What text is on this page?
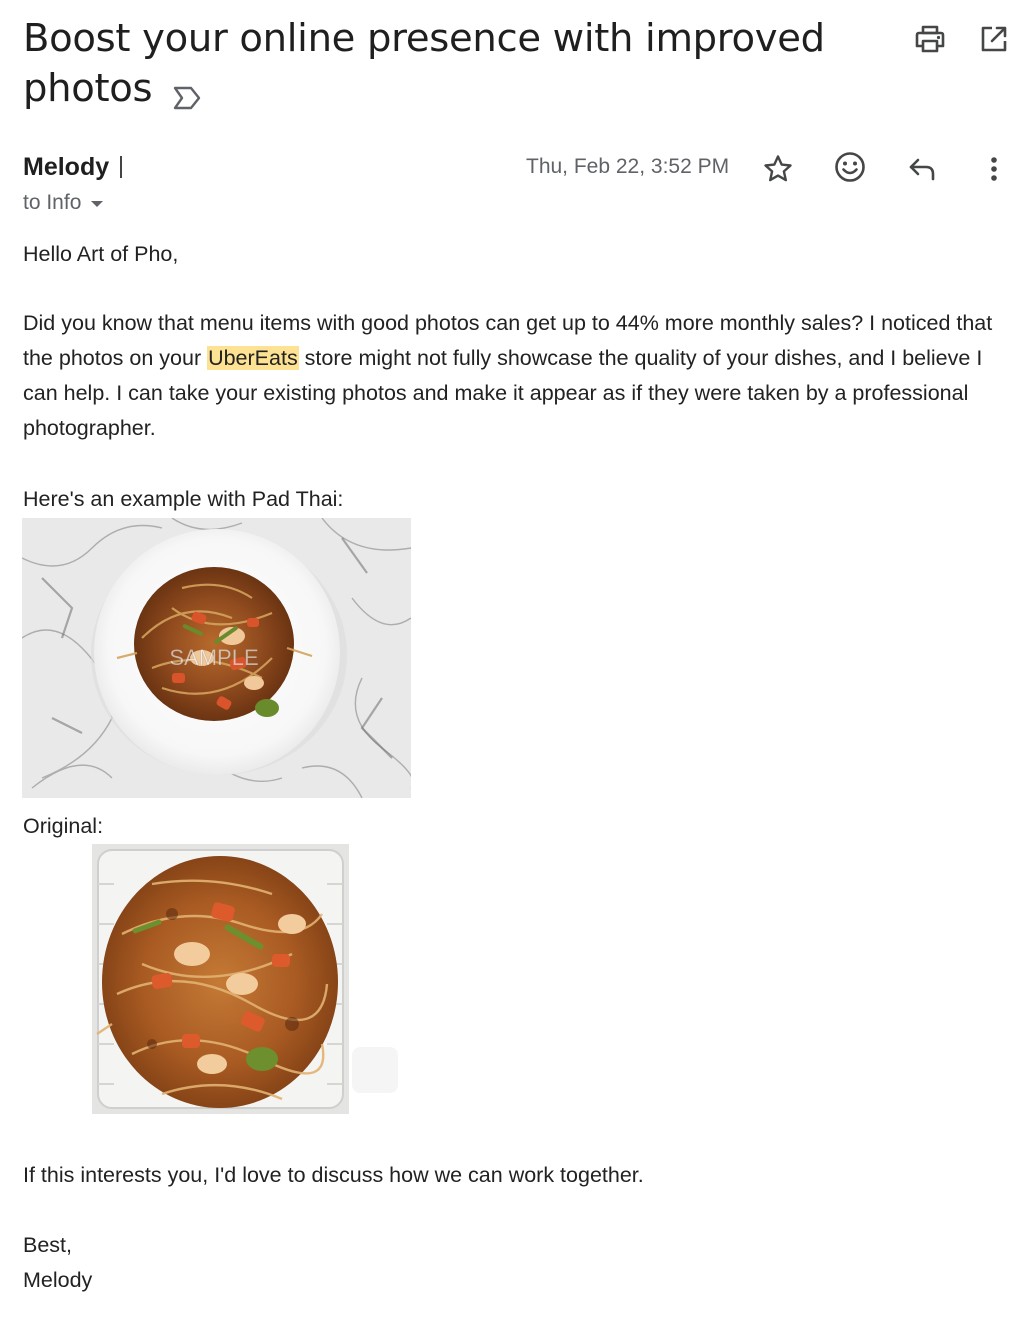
Boost your online presence with improved photos
Melody
to Info
Thu, Feb 22, 3:52 PM
Hello Art of Pho,
Did you know that menu items with good photos can get up to 44% more monthly sales? I noticed that the photos on your UberEats store might not fully showcase the quality of your dishes, and I believe I can help. I can take your existing photos and make it appear as if they were taken by a professional photographer.
Here's an example with Pad Thai:
SAMPLE
Original:
If this interests you, I'd love to discuss how we can work together.
Best,
Melody
